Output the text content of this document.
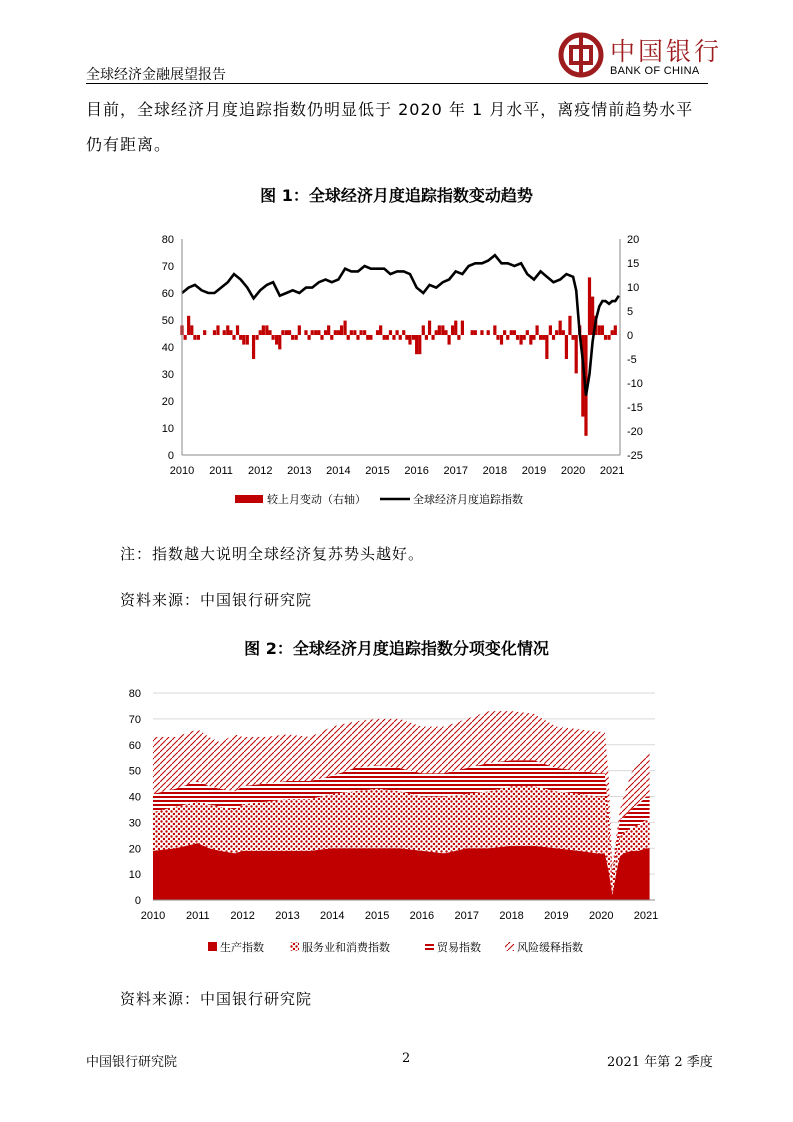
全球经济金融展望报告
中国银行
BANK OF CHINA
目前，全球经济月度追踪指数仍明显低于 2020 年 1 月水平，离疫情前趋势水平
仍有距离。
图 1：全球经济月度追踪指数变动趋势
80
70
60
50
40
30
20
10
0
20
15
10
5
0
-5
-10
-15
-20
-25
2010 2011 2012 2013 2014 2015 2016 2017 2018 2019 2020 2021
较上月变动（右轴）	全球经济月度追踪指数
注：指数越大说明全球经济复苏势头越好。
资料来源：中国银行研究院
图 2：全球经济月度追踪指数分项变化情况
80
70
60
50
40
30
20
10
0
2010 2011 2012 2013 2014 2015 2016 2017 2018 2019 2020 2021
生产指数	服务业和消费指数	贸易指数	风险缓释指数
资料来源：中国银行研究院
中国银行研究院	2	2021 年第 2 季度
